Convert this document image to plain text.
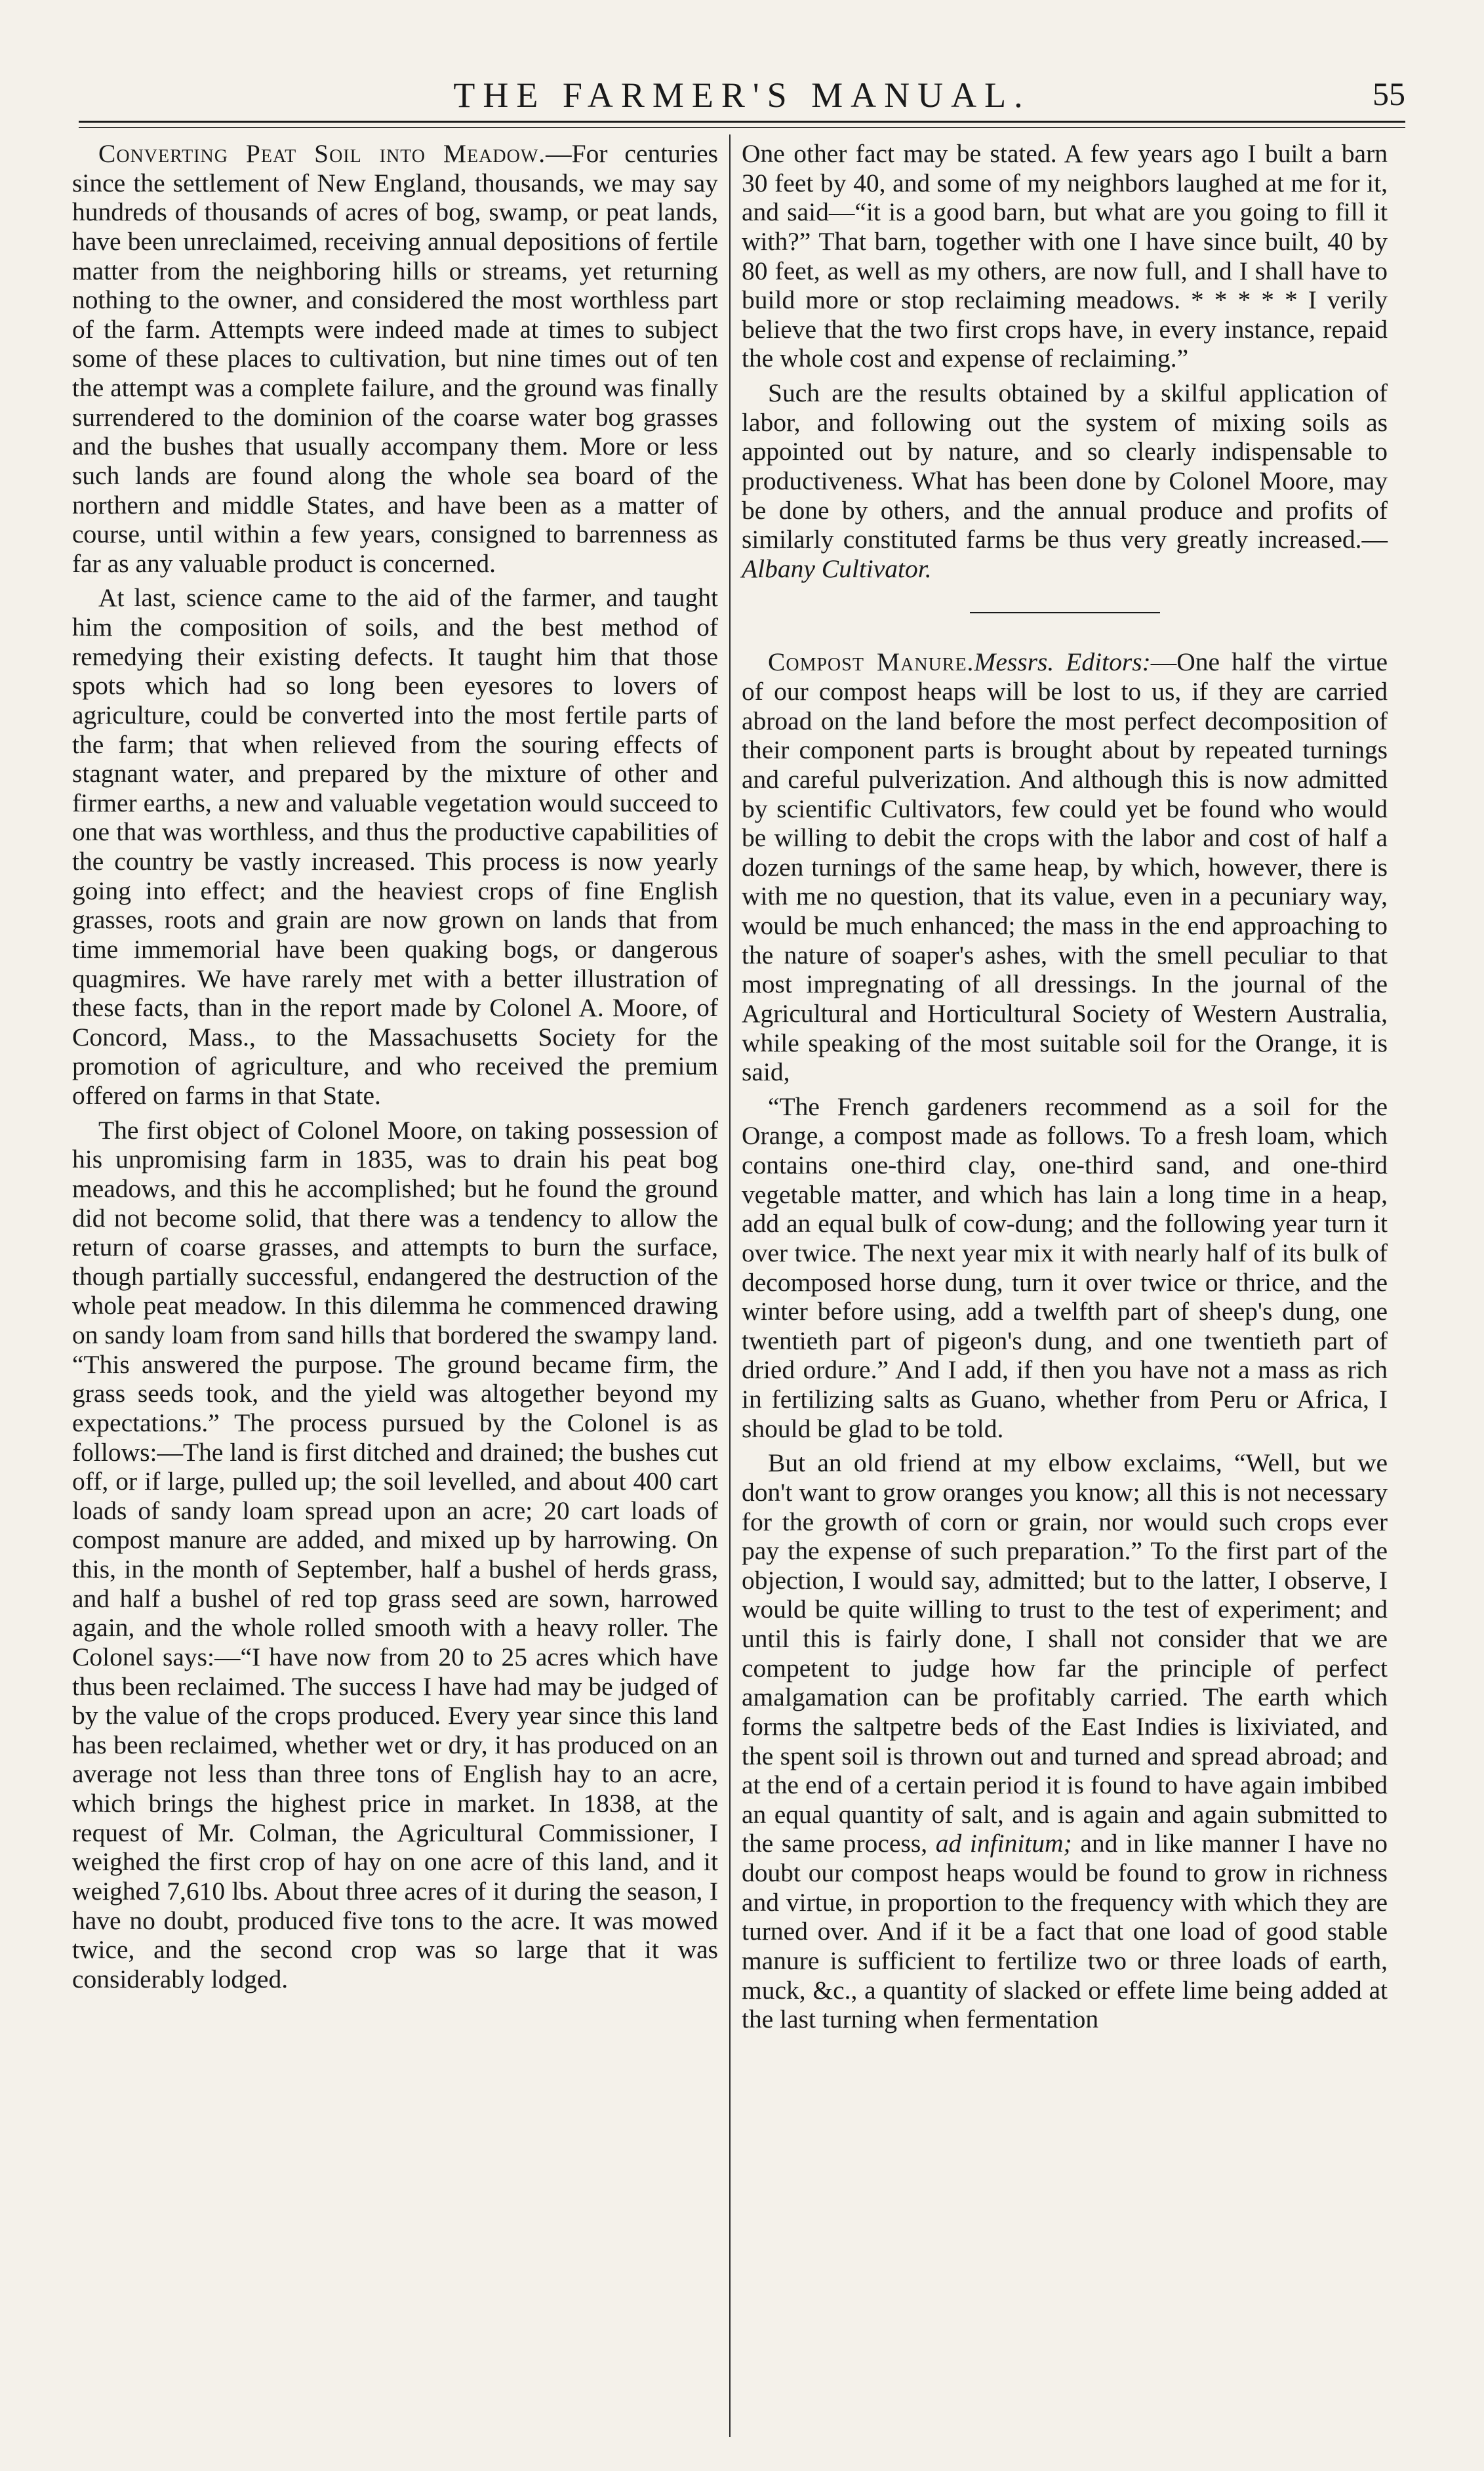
THE FARMER'S MANUAL.	55

Converting Peat Soil into Meadow.—For centuries since the settlement of New England, thousands, we may say hundreds of thousands of acres of bog, swamp, or peat lands, have been unreclaimed, receiving annual depositions of fertile matter from the neighboring hills or streams, yet returning nothing to the owner, and considered the most worthless part of the farm. Attempts were indeed made at times to subject some of these places to cultivation, but nine times out of ten the attempt was a complete failure, and the ground was finally surrendered to the dominion of the coarse water bog grasses and the bushes that usually accompany them. More or less such lands are found along the whole sea board of the northern and middle States, and have been as a matter of course, until within a few years, consigned to barrenness as far as any valuable product is concerned.

At last, science came to the aid of the farmer, and taught him the composition of soils, and the best method of remedying their existing defects. It taught him that those spots which had so long been eyesores to lovers of agriculture, could be converted into the most fertile parts of the farm; that when relieved from the souring effects of stagnant water, and prepared by the mixture of other and firmer earths, a new and valuable vegetation would succeed to one that was worthless, and thus the productive capabilities of the country be vastly increased. This process is now yearly going into effect; and the heaviest crops of fine English grasses, roots and grain are now grown on lands that from time immemorial have been quaking bogs, or dangerous quagmires. We have rarely met with a better illustration of these facts, than in the report made by Colonel A. Moore, of Concord, Mass., to the Massachusetts Society for the promotion of agriculture, and who received the premium offered on farms in that State.

The first object of Colonel Moore, on taking possession of his unpromising farm in 1835, was to drain his peat bog meadows, and this he accomplished; but he found the ground did not become solid, that there was a tendency to allow the return of coarse grasses, and attempts to burn the surface, though partially successful, endangered the destruction of the whole peat meadow. In this dilemma he commenced drawing on sandy loam from sand hills that bordered the swampy land. “This answered the purpose. The ground became firm, the grass seeds took, and the yield was altogether beyond my expectations.” The process pursued by the Colonel is as follows:—The land is first ditched and drained; the bushes cut off, or if large, pulled up; the soil levelled, and about 400 cart loads of sandy loam spread upon an acre; 20 cart loads of compost manure are added, and mixed up by harrowing. On this, in the month of September, half a bushel of herds grass, and half a bushel of red top grass seed are sown, harrowed again, and the whole rolled smooth with a heavy roller. The Colonel says:—“I have now from 20 to 25 acres which have thus been reclaimed. The success I have had may be judged of by the value of the crops produced. Every year since this land has been reclaimed, whether wet or dry, it has produced on an average not less than three tons of English hay to an acre, which brings the highest price in market. In 1838, at the request of Mr. Colman, the Agricultural Commissioner, I weighed the first crop of hay on one acre of this land, and it weighed 7,610 lbs. About three acres of it during the season, I have no doubt, produced five tons to the acre. It was mowed twice, and the second crop was so large that it was considerably lodged.

One other fact may be stated. A few years ago I built a barn 30 feet by 40, and some of my neighbors laughed at me for it, and said—“it is a good barn, but what are you going to fill it with?” That barn, together with one I have since built, 40 by 80 feet, as well as my others, are now full, and I shall have to build more or stop reclaiming meadows. * * * * * I verily believe that the two first crops have, in every instance, repaid the whole cost and expense of reclaiming.”

Such are the results obtained by a skilful application of labor, and following out the system of mixing soils as appointed out by nature, and so clearly indispensable to productiveness. What has been done by Colonel Moore, may be done by others, and the annual produce and profits of similarly constituted farms be thus very greatly increased.—Albany Cultivator.

Compost Manure.Messrs. Editors:—One half the virtue of our compost heaps will be lost to us, if they are carried abroad on the land before the most perfect decomposition of their component parts is brought about by repeated turnings and careful pulverization. And although this is now admitted by scientific Cultivators, few could yet be found who would be willing to debit the crops with the labor and cost of half a dozen turnings of the same heap, by which, however, there is with me no question, that its value, even in a pecuniary way, would be much enhanced; the mass in the end approaching to the nature of soaper's ashes, with the smell peculiar to that most impregnating of all dressings. In the journal of the Agricultural and Horticultural Society of Western Australia, while speaking of the most suitable soil for the Orange, it is said,

“The French gardeners recommend as a soil for the Orange, a compost made as follows. To a fresh loam, which contains one-third clay, one-third sand, and one-third vegetable matter, and which has lain a long time in a heap, add an equal bulk of cow-dung; and the following year turn it over twice. The next year mix it with nearly half of its bulk of decomposed horse dung, turn it over twice or thrice, and the winter before using, add a twelfth part of sheep's dung, one twentieth part of pigeon's dung, and one twentieth part of dried ordure.” And I add, if then you have not a mass as rich in fertilizing salts as Guano, whether from Peru or Africa, I should be glad to be told.

But an old friend at my elbow exclaims, “Well, but we don't want to grow oranges you know; all this is not necessary for the growth of corn or grain, nor would such crops ever pay the expense of such preparation.” To the first part of the objection, I would say, admitted; but to the latter, I observe, I would be quite willing to trust to the test of experiment; and until this is fairly done, I shall not consider that we are competent to judge how far the principle of perfect amalgamation can be profitably carried. The earth which forms the saltpetre beds of the East Indies is lixiviated, and the spent soil is thrown out and turned and spread abroad; and at the end of a certain period it is found to have again imbibed an equal quantity of salt, and is again and again submitted to the same process, ad infinitum; and in like manner I have no doubt our compost heaps would be found to grow in richness and virtue, in proportion to the frequency with which they are turned over. And if it be a fact that one load of good stable manure is sufficient to fertilize two or three loads of earth, muck, &c., a quantity of slacked or effete lime being added at the last turning when fermentation
